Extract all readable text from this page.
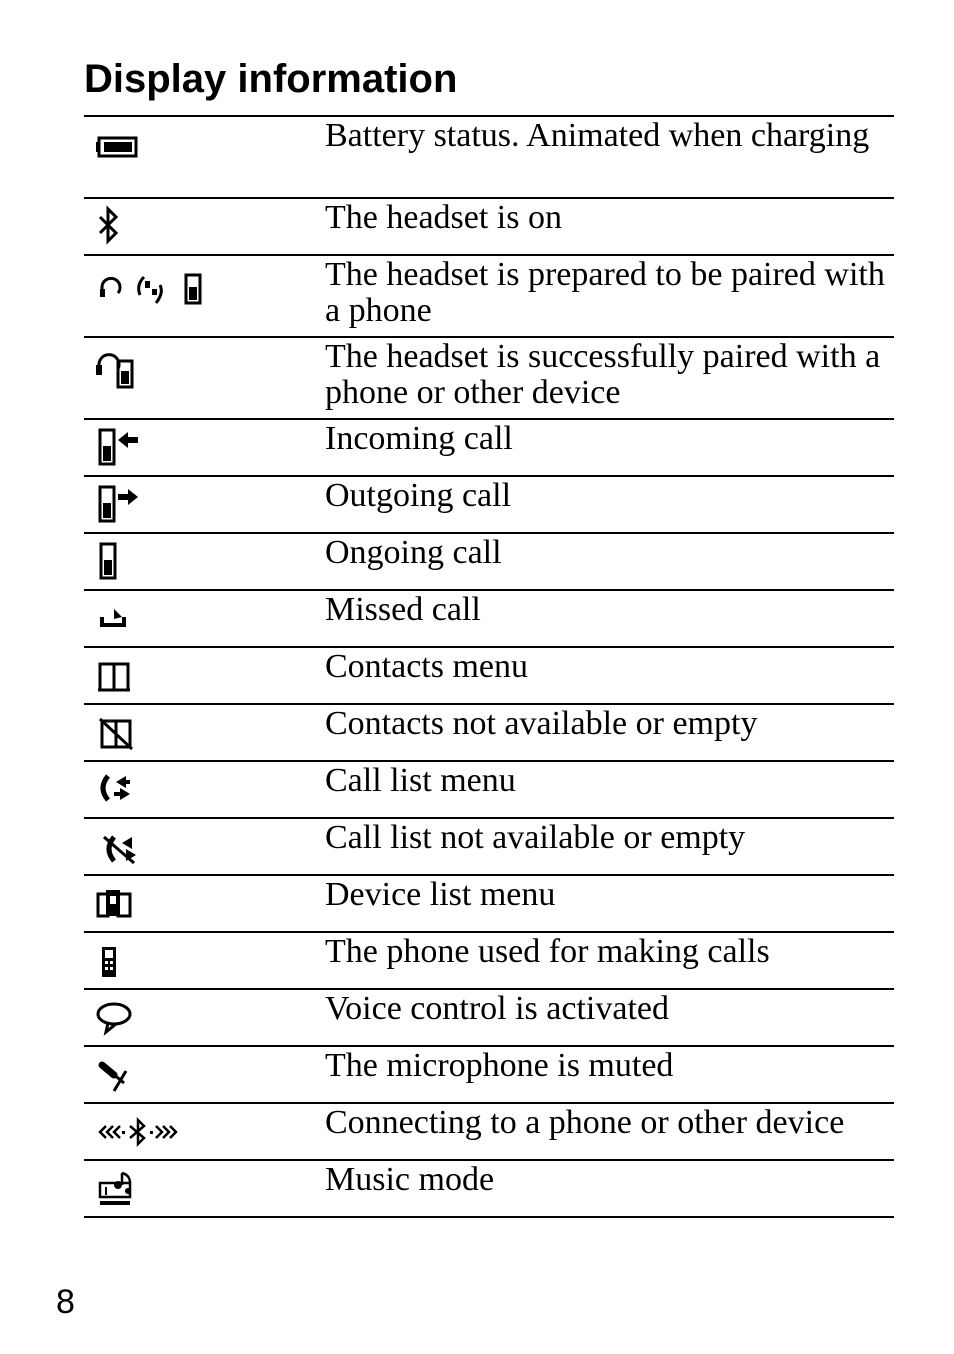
Display information
Battery status. Animated when charging
The headset is on
The headset is prepared to be paired with a phone
The headset is successfully paired with a phone or other device
Incoming call
Outgoing call
Ongoing call
Missed call
Contacts menu
Contacts not available or empty
Call list menu
Call list not available or empty
Device list menu
The phone used for making calls
Voice control is activated
The microphone is muted
Connecting to a phone or other device
Music mode
8
